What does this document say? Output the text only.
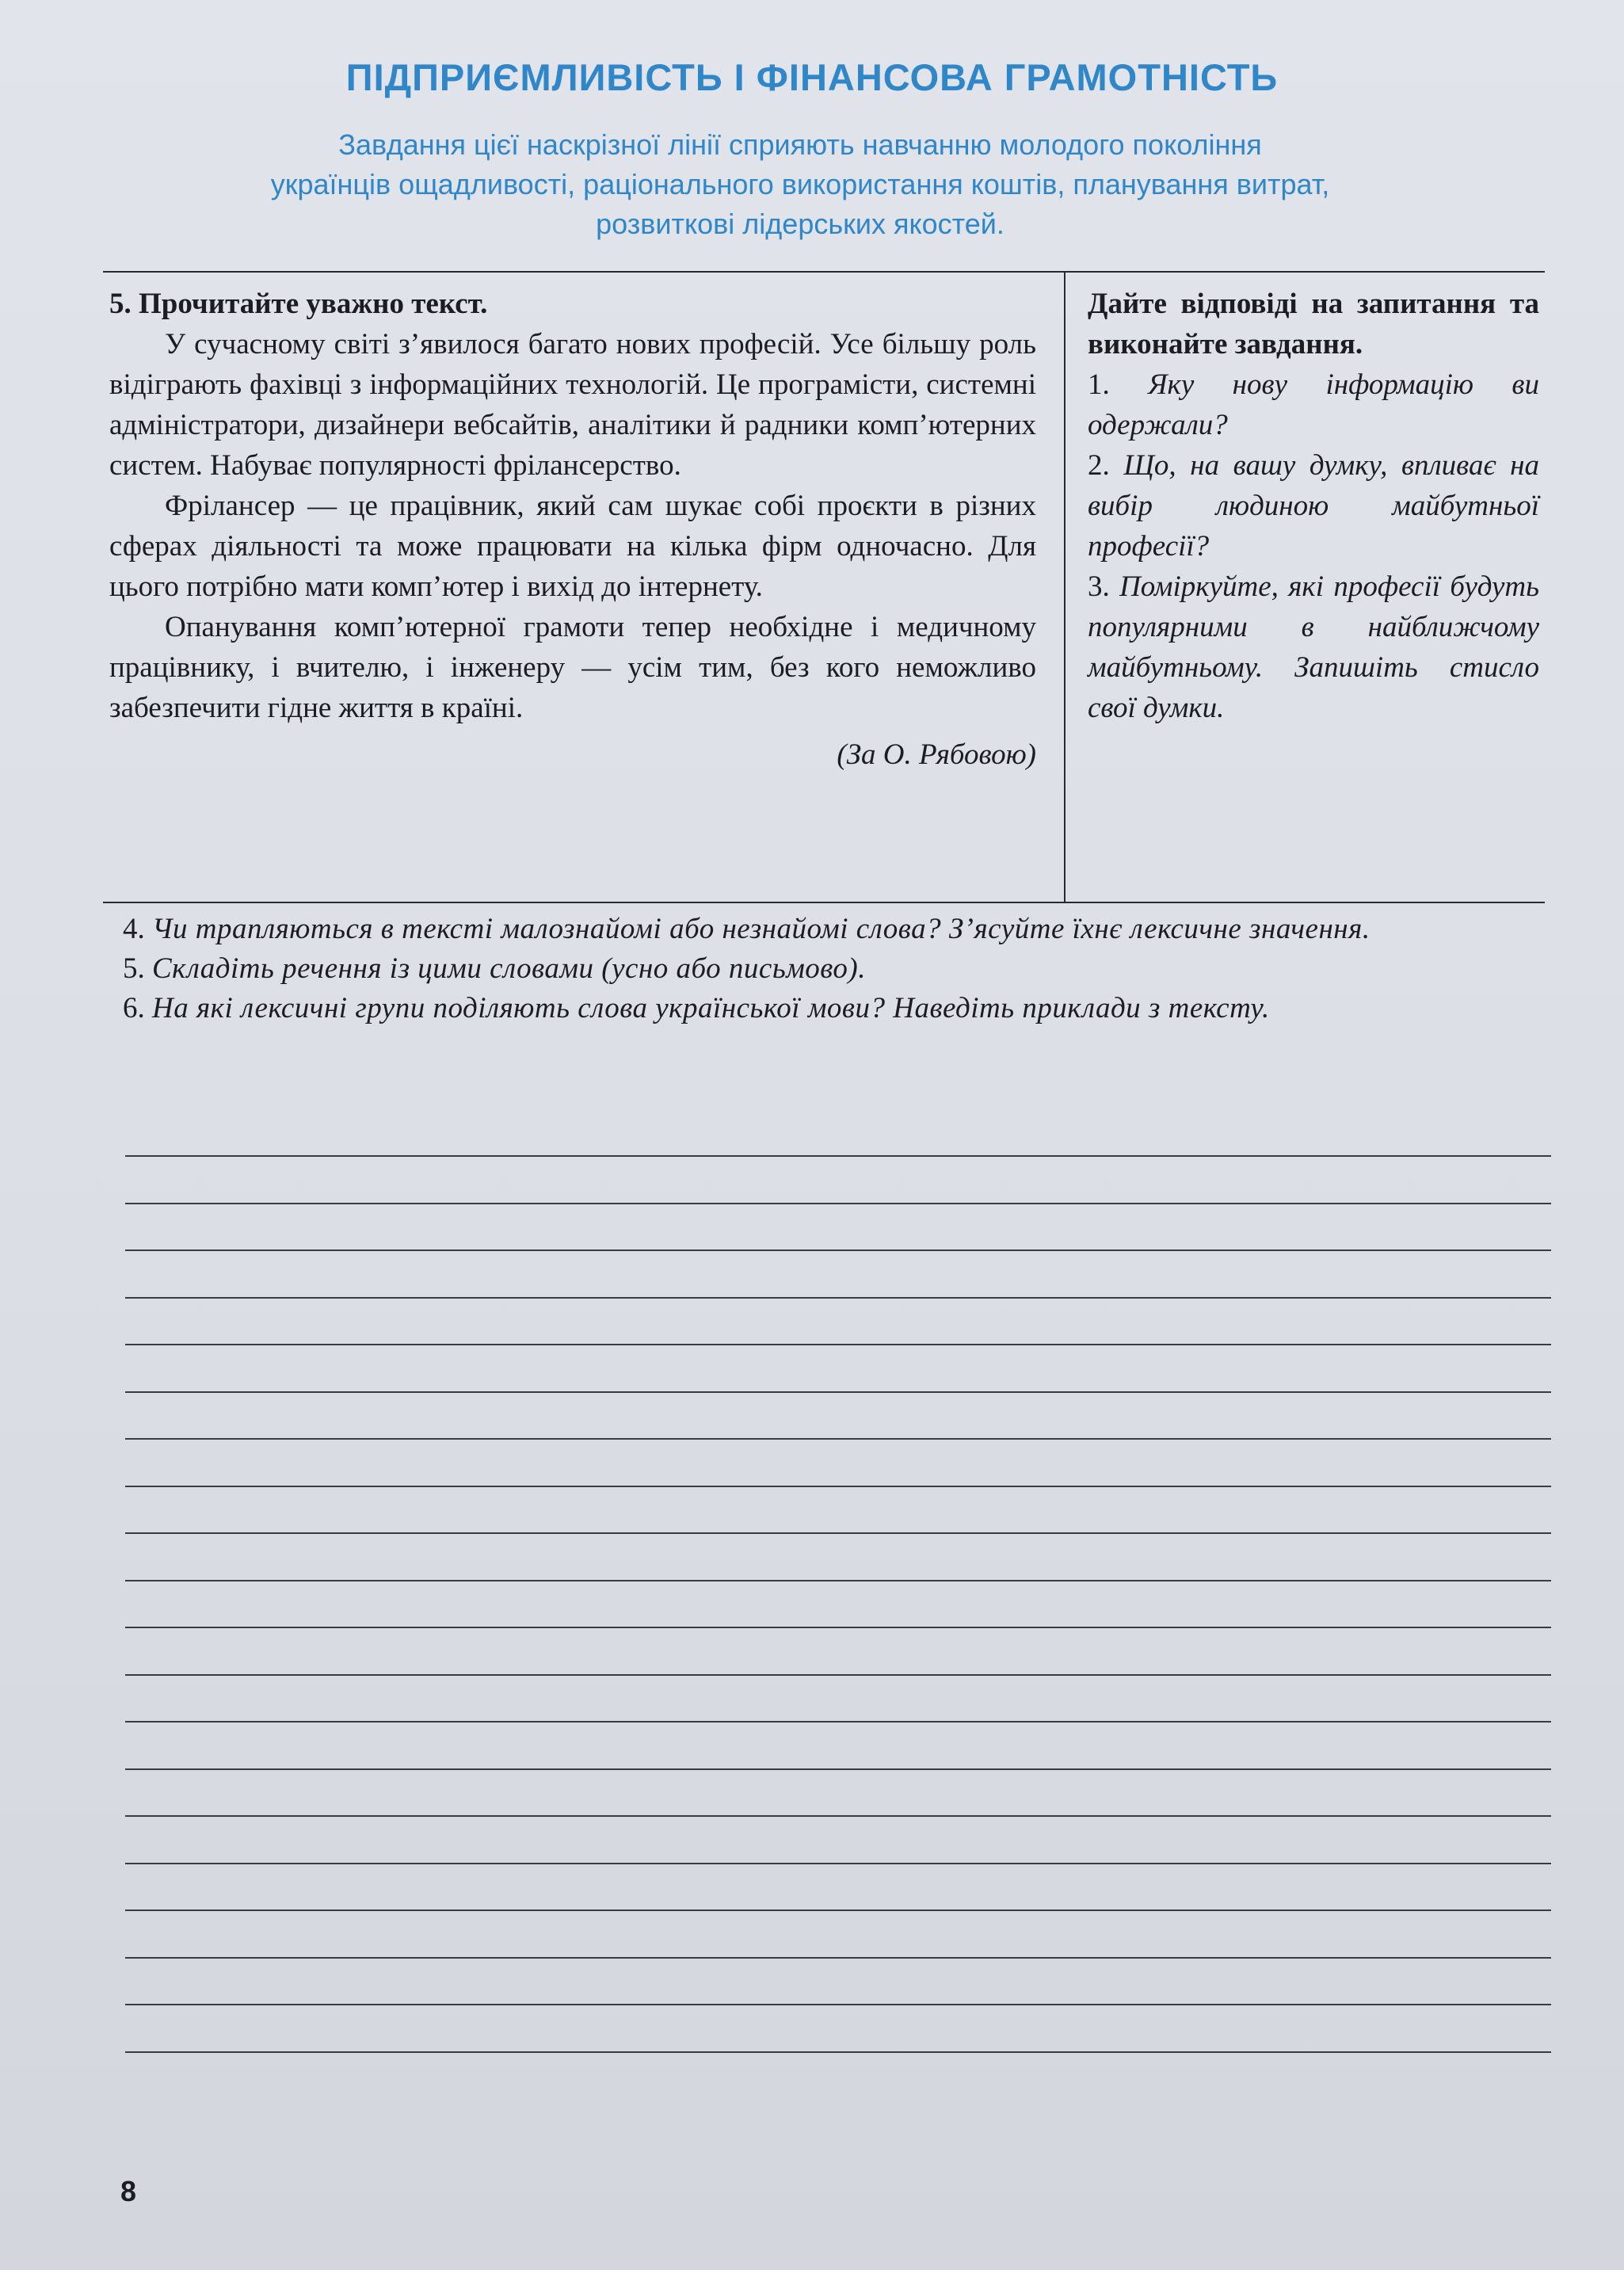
ПІДПРИЄМЛИВІСТЬ І ФІНАНСОВА ГРАМОТНІСТЬ
Завдання цієї наскрізної лінії сприяють навчанню молодого покоління
українців ощадливості, раціонального використання коштів, планування витрат,
розвиткові лідерських якостей.
5. Прочитайте уважно текст.

У сучасному світі з’явилося багато нових професій. Усе більшу роль відіграють фахівці з інформаційних технологій. Це програмісти, системні адміністратори, дизайнери вебсайтів, аналітики й радники комп’ютерних систем. Набуває популярності фрілансерство.

Фрілансер — це працівник, який сам шукає собі проєкти в різних сферах діяльності та може працювати на кілька фірм одночасно. Для цього потрібно мати комп’ютер і вихід до інтернету.

Опанування комп’ютерної грамоти тепер необхідне і медичному працівнику, і вчителю, і інженеру — усім тим, без кого неможливо забезпечити гідне життя в країні.

(За О. Рябовою)

Дайте відповіді на запитання та виконайте завдання.

1. Яку нову інформацію ви одержали?

2. Що, на вашу думку, впливає на вибір людиною майбутньої професії?

3. Поміркуйте, які професії будуть популярними в найближчому майбутньому. Запишіть стисло свої думки.

4. Чи трапляються в тексті малознайомі або незнайомі слова? З’ясуйте їхнє лексичне значення.

5. Складіть речення із цими словами (усно або письмово).

6. На які лексичні групи поділяють слова української мови? Наведіть приклади з тексту.

8
